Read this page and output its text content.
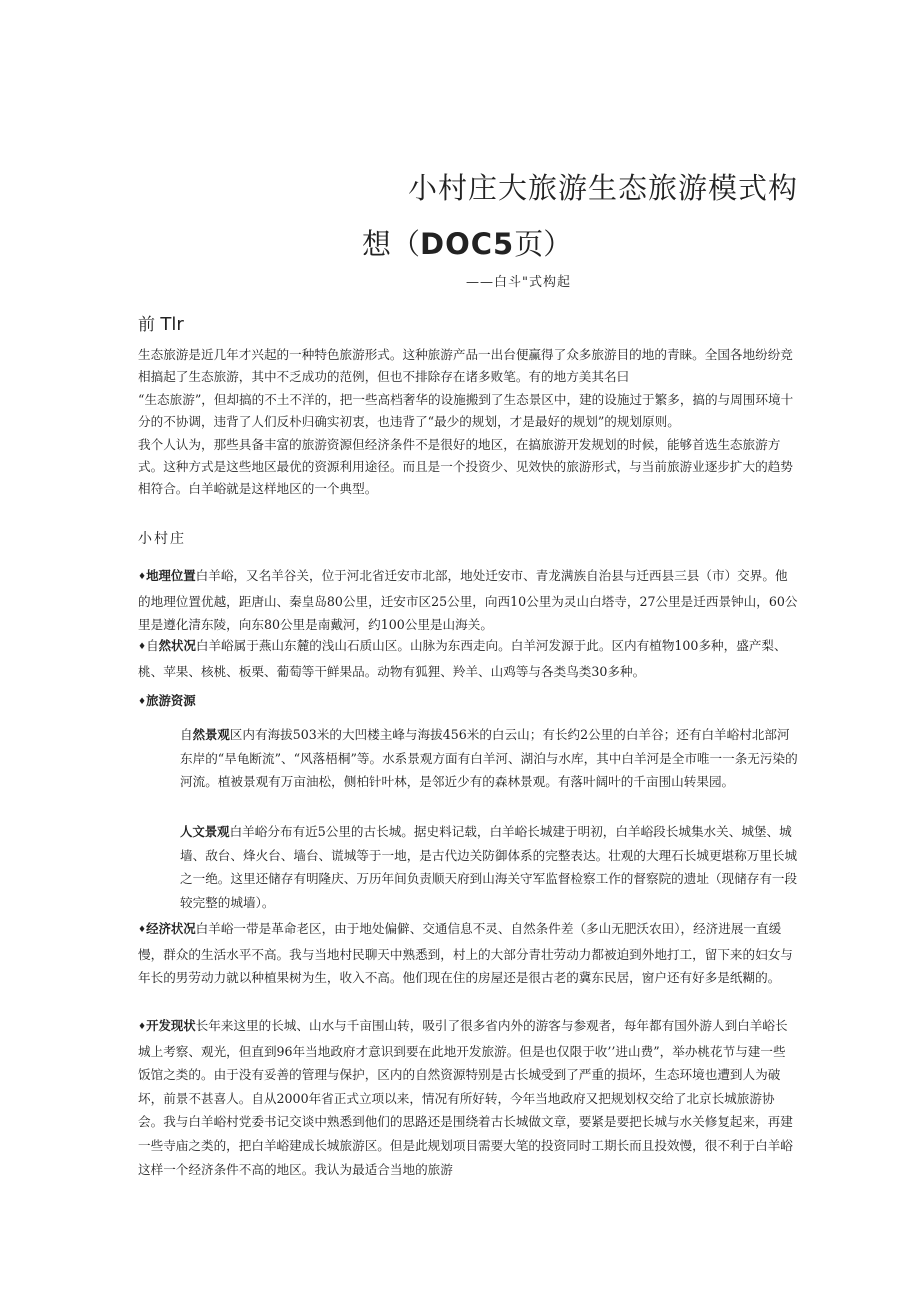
小村庄大旅游生态旅游模式构
想（DOC5页）
——白斗"式构起
前 Tlr

生态旅游是近几年才兴起的一种特色旅游形式。这种旅游产品一出台便赢得了众多旅游目的地的青睐。全国各地纷纷竞相搞起了生态旅游，其中不乏成功的范例，但也不排除存在诸多败笔。有的地方美其名曰

“生态旅游”，但却搞的不土不洋的，把一些高档奢华的设施搬到了生态景区中，建的设施过于繁多，搞的与周围环境十分的不协调，违背了人们反朴归确实初衷，也违背了“最少的规划，才是最好的规划”的规划原则。

我个人认为，那些具备丰富的旅游资源但经济条件不是很好的地区，在搞旅游开发规划的时候，能够首选生态旅游方式。这种方式是这些地区最优的资源利用途径。而且是一个投资少、见效快的旅游形式，与当前旅游业逐步扩大的趋势相符合。白羊峪就是这样地区的一个典型。

小村庄
♦地理位置白羊峪，又名羊谷关，位于河北省迁安市北部，地处迁安市、青龙满族自治县与迁西县三县（市）交界。他的地理位置优越，距唐山、秦皇岛80公里，迁安市区25公里，向西10公里为灵山白塔寺，27公里是迁西景钟山，60公里是遵化清东陵，向东80公里是南戴河，约100公里是山海关。
♦自然状况白羊峪属于燕山东麓的浅山石质山区。山脉为东西走向。白羊河发源于此。区内有植物100多种，盛产梨、桃、苹果、核桃、板栗、葡萄等干鲜果品。动物有狐狸、羚羊、山鸡等与各类鸟类30多种。
♦旅游资源
自然景观区内有海拔503米的大凹楼主峰与海拔456米的白云山；有长约2公里的白羊谷；还有白羊峪村北部河东岸的“旱龟断流”、“风落梧桐”等。水系景观方面有白羊河、湖泊与水库，其中白羊河是全市唯一一条无污染的河流。植被景观有万亩油松，侧柏针叶林，是邻近少有的森林景观。有落叶阔叶的千亩围山转果园。
人文景观白羊峪分布有近5公里的古长城。据史料记载，白羊峪长城建于明初，白羊峪段长城集水关、城堡、城墙、敌台、烽火台、墙台、谎城等于一地，是古代边关防御体系的完整表达。壮观的大理石长城更堪称万里长城之一绝。这里还储存有明隆庆、万历年间负责顺天府到山海关守军监督检察工作的督察院的遗址（现储存有一段较完整的城墙）。
♦经济状况白羊峪一带是革命老区，由于地处偏僻、交通信息不灵、自然条件差（多山无肥沃农田），经济进展一直缓慢，群众的生活水平不高。我与当地村民聊天中熟悉到，村上的大部分青壮劳动力都被迫到外地打工，留下来的妇女与年长的男劳动力就以种植果树为生，收入不高。他们现在住的房屋还是很古老的冀东民居，窗户还有好多是纸糊的。
♦开发现状长年来这里的长城、山水与千亩围山转，吸引了很多省内外的游客与参观者，每年都有国外游人到白羊峪长城上考察、观光，但直到96年当地政府才意识到要在此地开发旅游。但是也仅限于收’’进山费”，举办桃花节与建一些饭馆之类的。由于没有妥善的管理与保护，区内的自然资源特别是古长城受到了严重的损坏，生态环境也遭到人为破坏，前景不甚喜人。自从2000年省正式立项以来，情况有所好转，今年当地政府又把规划权交给了北京长城旅游协会。我与白羊峪村党委书记交谈中熟悉到他们的思路还是围绕着古长城做文章，要紧是要把长城与水关修复起来，再建一些寺庙之类的，把白羊峪建成长城旅游区。但是此规划项目需要大笔的投资同时工期长而且投效慢，很不利于白羊峪这样一个经济条件不高的地区。我认为最适合当地的旅游
